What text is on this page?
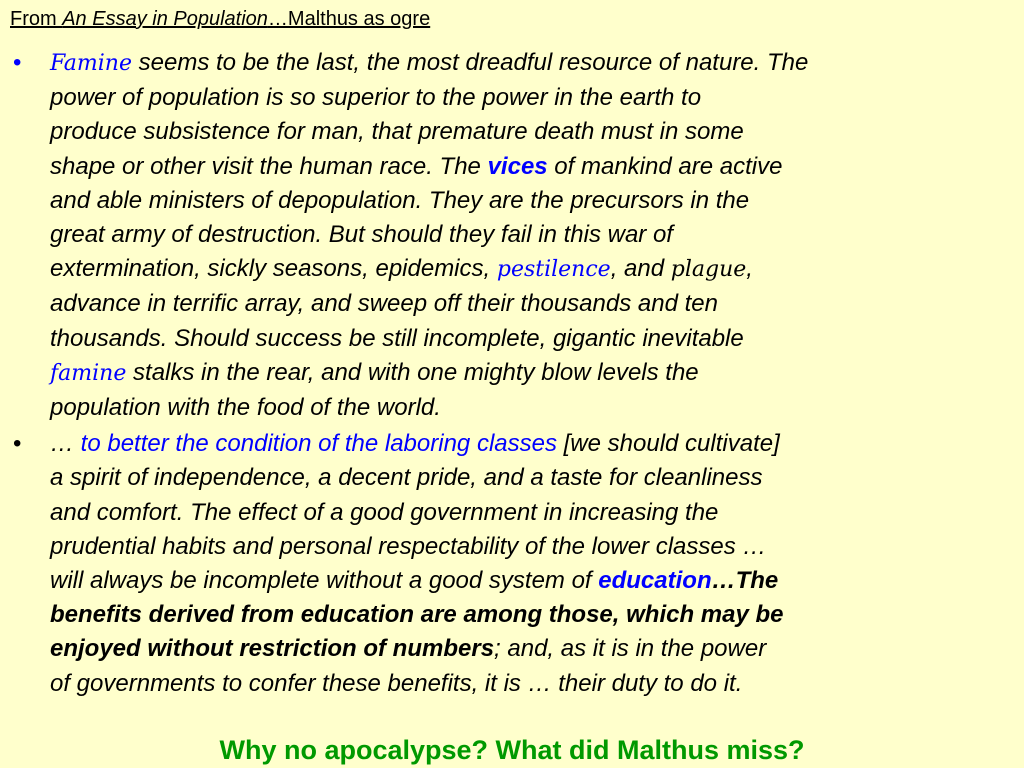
From An Essay in Population…Malthus as ogre
• Famine seems to be the last, the most dreadful resource of nature. The
power of population is so superior to the power in the earth to
produce subsistence for man, that premature death must in some
shape or other visit the human race. The vices of mankind are active
and able ministers of depopulation. They are the precursors in the
great army of destruction. But should they fail in this war of
extermination, sickly seasons, epidemics, pestilence, and plague,
advance in terrific array, and sweep off their thousands and ten
thousands. Should success be still incomplete, gigantic inevitable
famine stalks in the rear, and with one mighty blow levels the
population with the food of the world.
• … to better the condition of the laboring classes [we should cultivate]
a spirit of independence, a decent pride, and a taste for cleanliness
and comfort. The effect of a good government in increasing the
prudential habits and personal respectability of the lower classes …
will always be incomplete without a good system of education…The
benefits derived from education are among those, which may be
enjoyed without restriction of numbers; and, as it is in the power
of governments to confer these benefits, it is … their duty to do it.
Why no apocalypse? What did Malthus miss?
